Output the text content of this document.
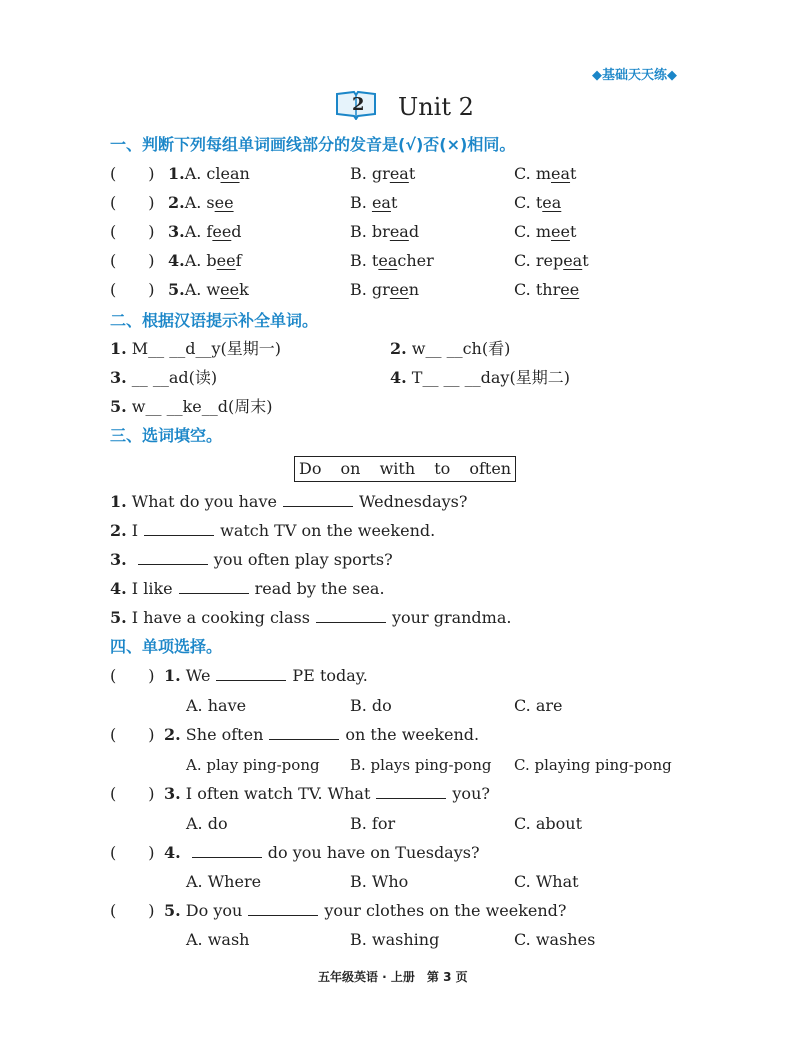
◆基础天天练◆
2 Unit 2
一、判断下列每组单词画线部分的发音是(√)否(×)相同。
(　　) 1.A. clean	B. great	C. meat
(　　) 2.A. see	B. eat	C. tea
(　　) 3.A. feed	B. bread	C. meet
(　　) 4.A. beef	B. teacher	C. repeat
(　　) 5.A. week	B. green	C. three
二、根据汉语提示补全单词。
1. M__ __d__y(星期一)	2. w__ __ch(看)
3. __ __ad(读)	4. T__ __ __day(星期二)
5. w__ __ke__d(周末)
三、选词填空。
Do on with to often
1. What do you have	Wednesdays?
2. I	watch TV on the weekend.
3.	you often play sports?
4. I like	read by the sea.
5. I have a cooking class	your grandma.
四、单项选择。
(　　) 1. We	PE today.
A. have	B. do	C. are
(　　) 2. She often	on the weekend.
A. play ping-pong B. plays ping-pong C. playing ping-pong
(　　) 3. I often watch TV. What	you?
A. do	B. for	C. about
(　　) 4.	do you have on Tuesdays?
A. Where	B. Who	C. What
(　　) 5. Do you	your clothes on the weekend?
A. wash	B. washing	C. washes
五年级英语 · 上册　第 3 页
